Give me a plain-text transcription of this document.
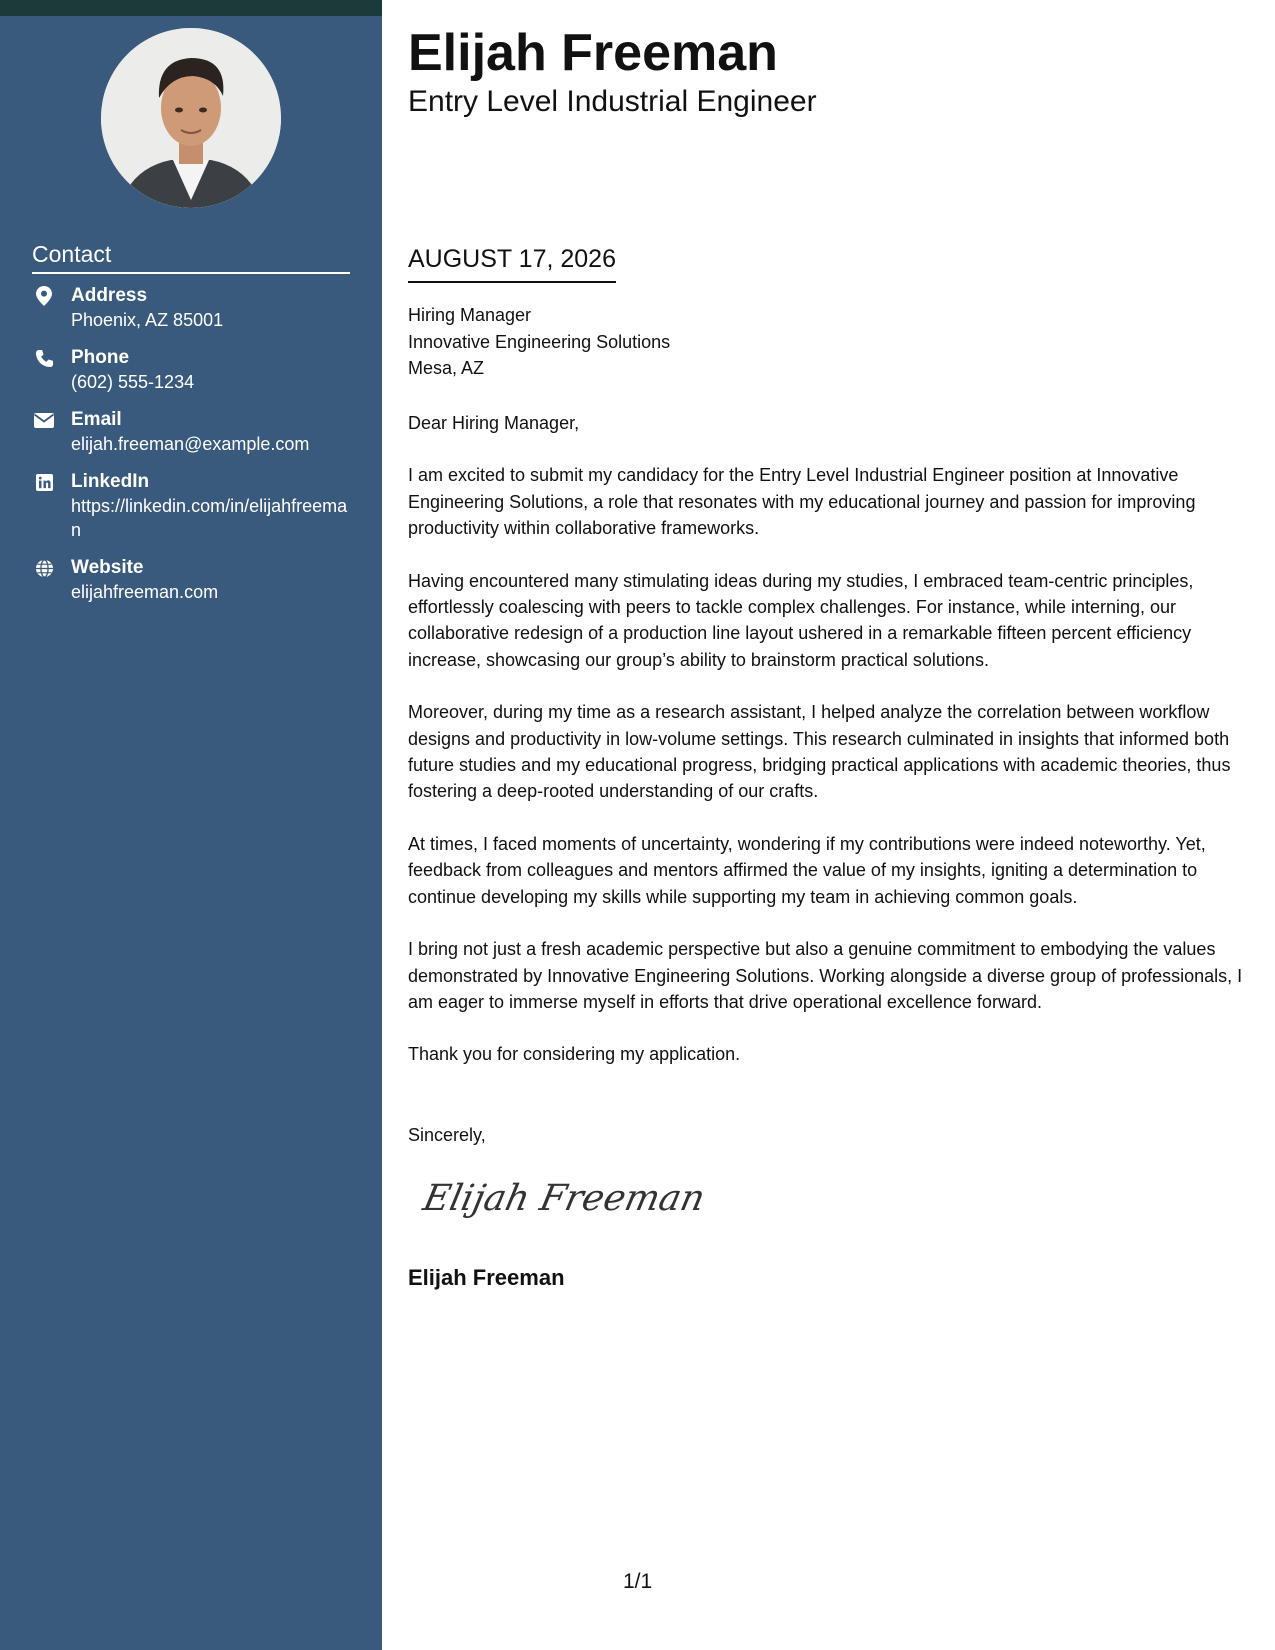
Contact
Address
Phoenix, AZ 85001
Phone
(602) 555-1234
Email
elijah.freeman@example.com
LinkedIn
https://linkedin.com/in/elijahfreeman
Website
elijahfreeman.com
Elijah Freeman
Entry Level Industrial Engineer
AUGUST 17, 2026
Hiring Manager
Innovative Engineering Solutions
Mesa, AZ

Dear Hiring Manager,

I am excited to submit my candidacy for the Entry Level Industrial Engineer position at Innovative Engineering Solutions, a role that resonates with my educational journey and passion for improving productivity within collaborative frameworks.

Having encountered many stimulating ideas during my studies, I embraced team-centric principles, effortlessly coalescing with peers to tackle complex challenges. For instance, while interning, our collaborative redesign of a production line layout ushered in a remarkable fifteen percent efficiency increase, showcasing our group’s ability to brainstorm practical solutions.

Moreover, during my time as a research assistant, I helped analyze the correlation between workflow designs and productivity in low-volume settings. This research culminated in insights that informed both future studies and my educational progress, bridging practical applications with academic theories, thus fostering a deep-rooted understanding of our crafts.

At times, I faced moments of uncertainty, wondering if my contributions were indeed noteworthy. Yet, feedback from colleagues and mentors affirmed the value of my insights, igniting a determination to continue developing my skills while supporting my team in achieving common goals.

I bring not just a fresh academic perspective but also a genuine commitment to embodying the values demonstrated by Innovative Engineering Solutions. Working alongside a diverse group of professionals, I am eager to immerse myself in efforts that drive operational excellence forward.

Thank you for considering my application.

Sincerely,
Elijah Freeman
Elijah Freeman
1/1
